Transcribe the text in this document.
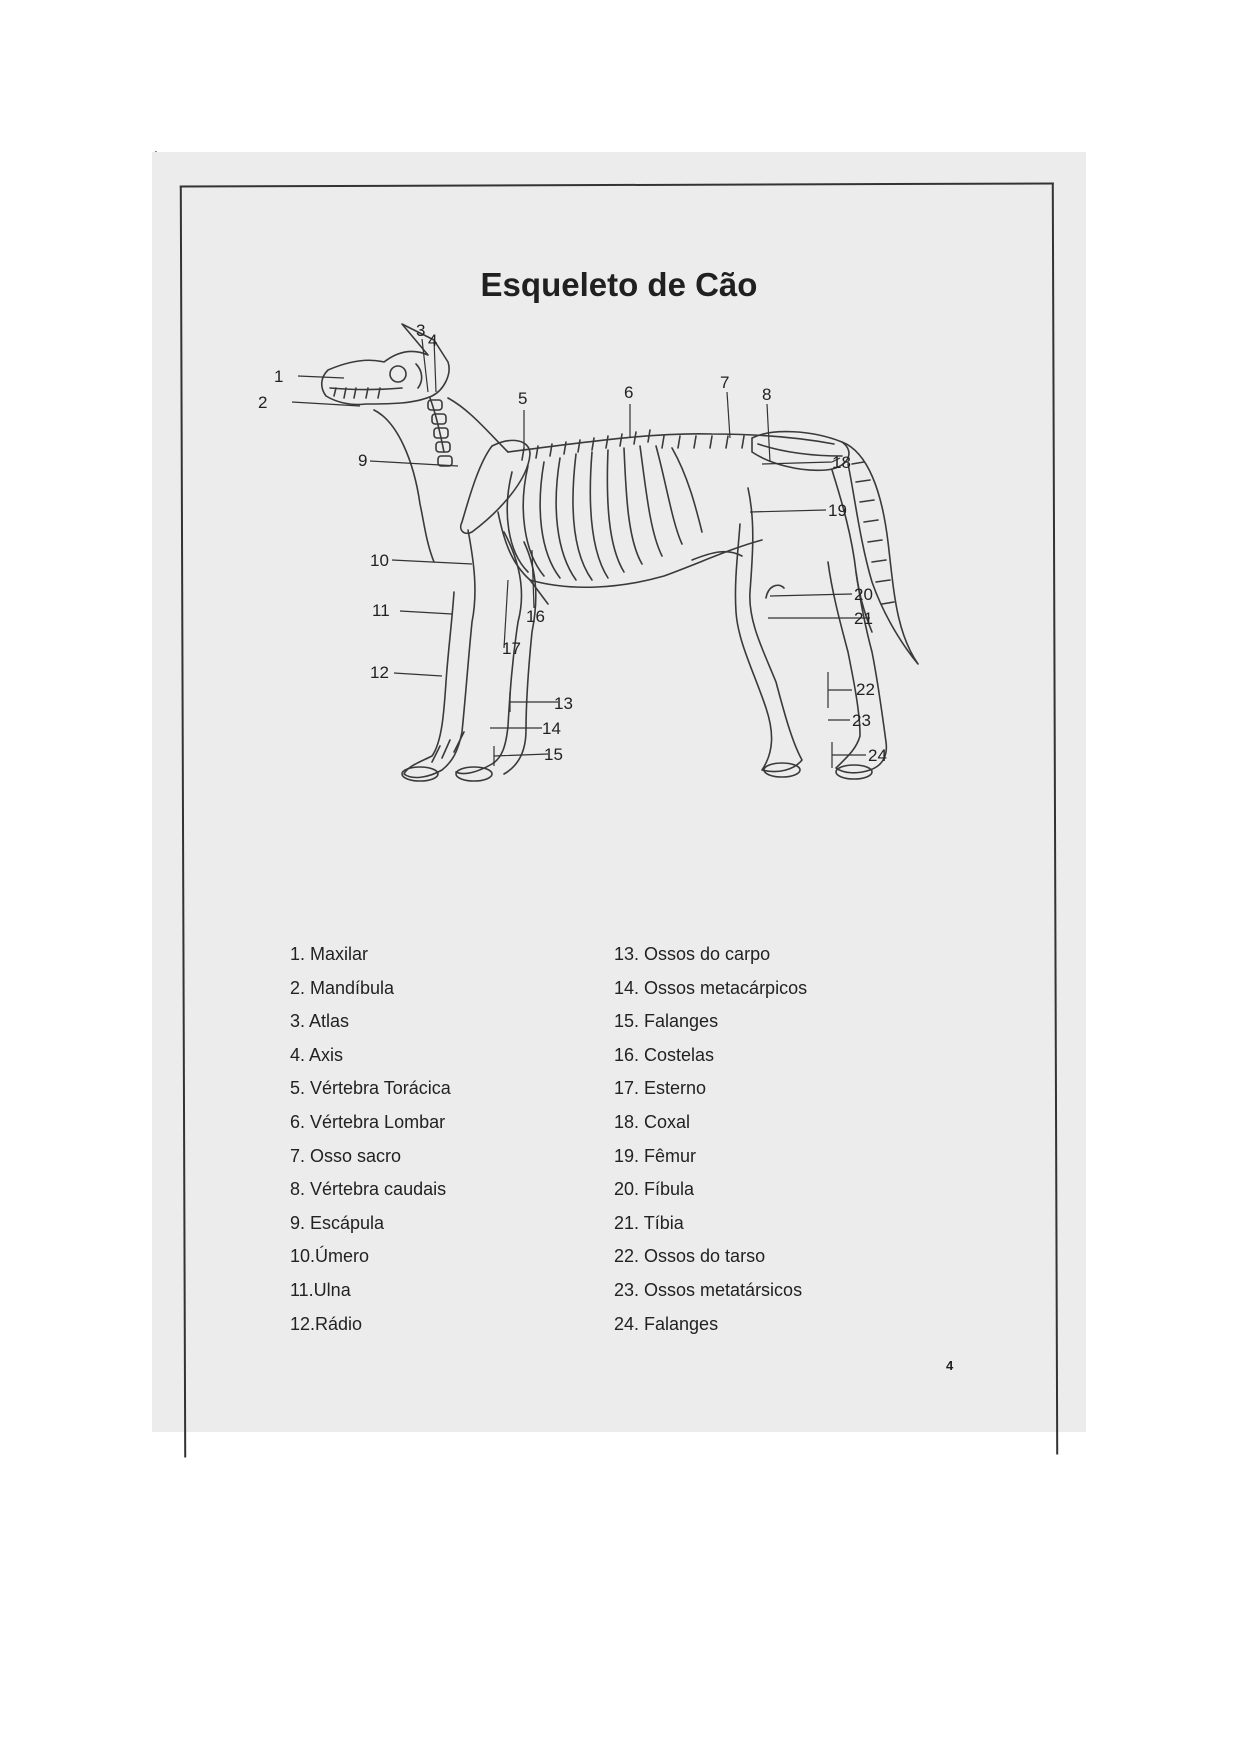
Esqueleto de Cão
1
2
3
4
5	6
7
8
9
10
11
12
13
14
15
16
17
18
19
20
21
22
23
24
1. Maxilar
2. Mandíbula
3. Atlas
4. Axis
5. Vértebra Torácica
6. Vértebra Lombar
7. Osso sacro
8. Vértebra caudais
9. Escápula
10.Úmero
11.Ulna
12.Rádio
13. Ossos do carpo
14. Ossos metacárpicos
15. Falanges
16. Costelas
17. Esterno
18. Coxal
19. Fêmur
20. Fíbula
21. Tíbia
22. Ossos do tarso
23. Ossos metatársicos
24. Falanges
4
